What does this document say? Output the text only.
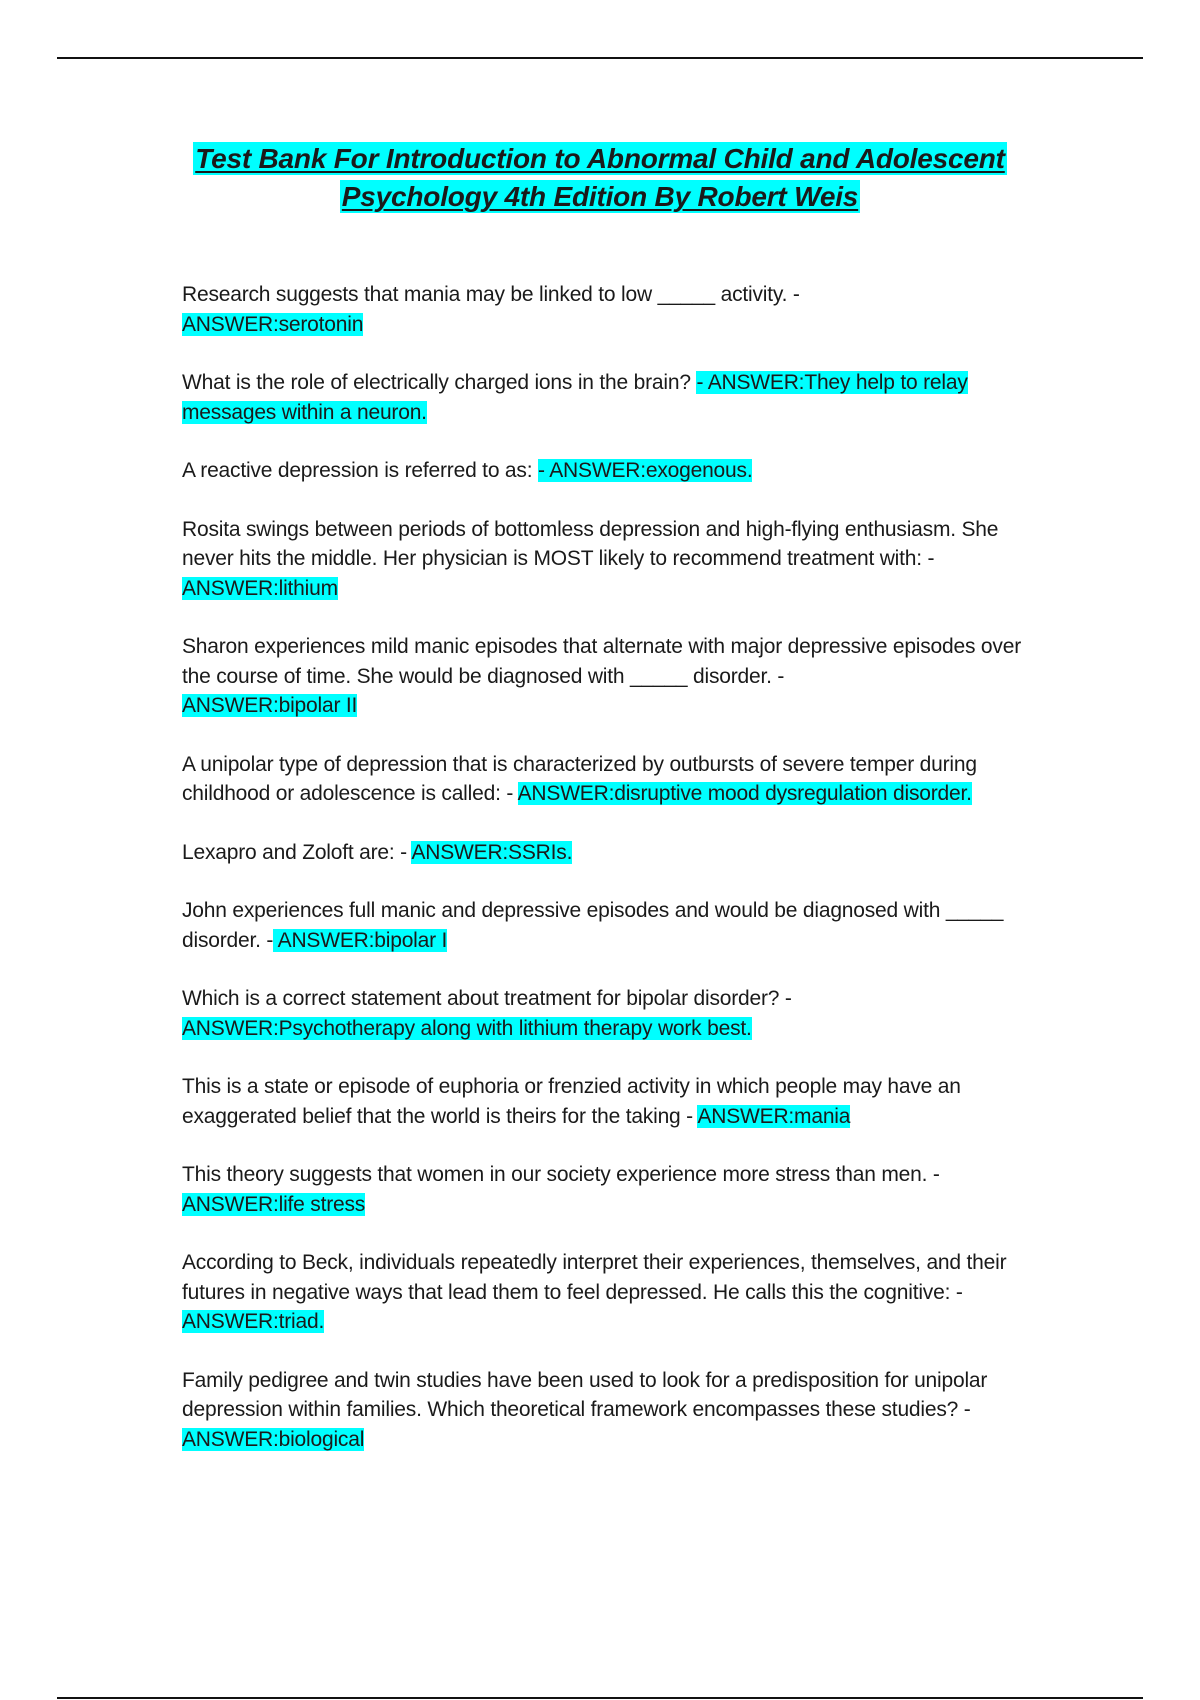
Test Bank For Introduction to Abnormal Child and Adolescent
Psychology 4th Edition By Robert Weis

Research suggests that mania may be linked to low _____ activity. -
ANSWER:serotonin

What is the role of electrically charged ions in the brain? - ANSWER:They help to relay messages within a neuron.

A reactive depression is referred to as: - ANSWER:exogenous.

Rosita swings between periods of bottomless depression and high-flying enthusiasm. She never hits the middle. Her physician is MOST likely to recommend treatment with: - ANSWER:lithium

Sharon experiences mild manic episodes that alternate with major depressive episodes over the course of time. She would be diagnosed with _____ disorder. -
ANSWER:bipolar II

A unipolar type of depression that is characterized by outbursts of severe temper during childhood or adolescence is called: - ANSWER:disruptive mood dysregulation disorder.

Lexapro and Zoloft are: - ANSWER:SSRIs.

John experiences full manic and depressive episodes and would be diagnosed with _____ disorder. - ANSWER:bipolar I

Which is a correct statement about treatment for bipolar disorder? -
ANSWER:Psychotherapy along with lithium therapy work best.

This is a state or episode of euphoria or frenzied activity in which people may have an exaggerated belief that the world is theirs for the taking - ANSWER:mania

This theory suggests that women in our society experience more stress than men. -
ANSWER:life stress

According to Beck, individuals repeatedly interpret their experiences, themselves, and their futures in negative ways that lead them to feel depressed. He calls this the cognitive: - ANSWER:triad.

Family pedigree and twin studies have been used to look for a predisposition for unipolar depression within families. Which theoretical framework encompasses these studies? - ANSWER:biological
